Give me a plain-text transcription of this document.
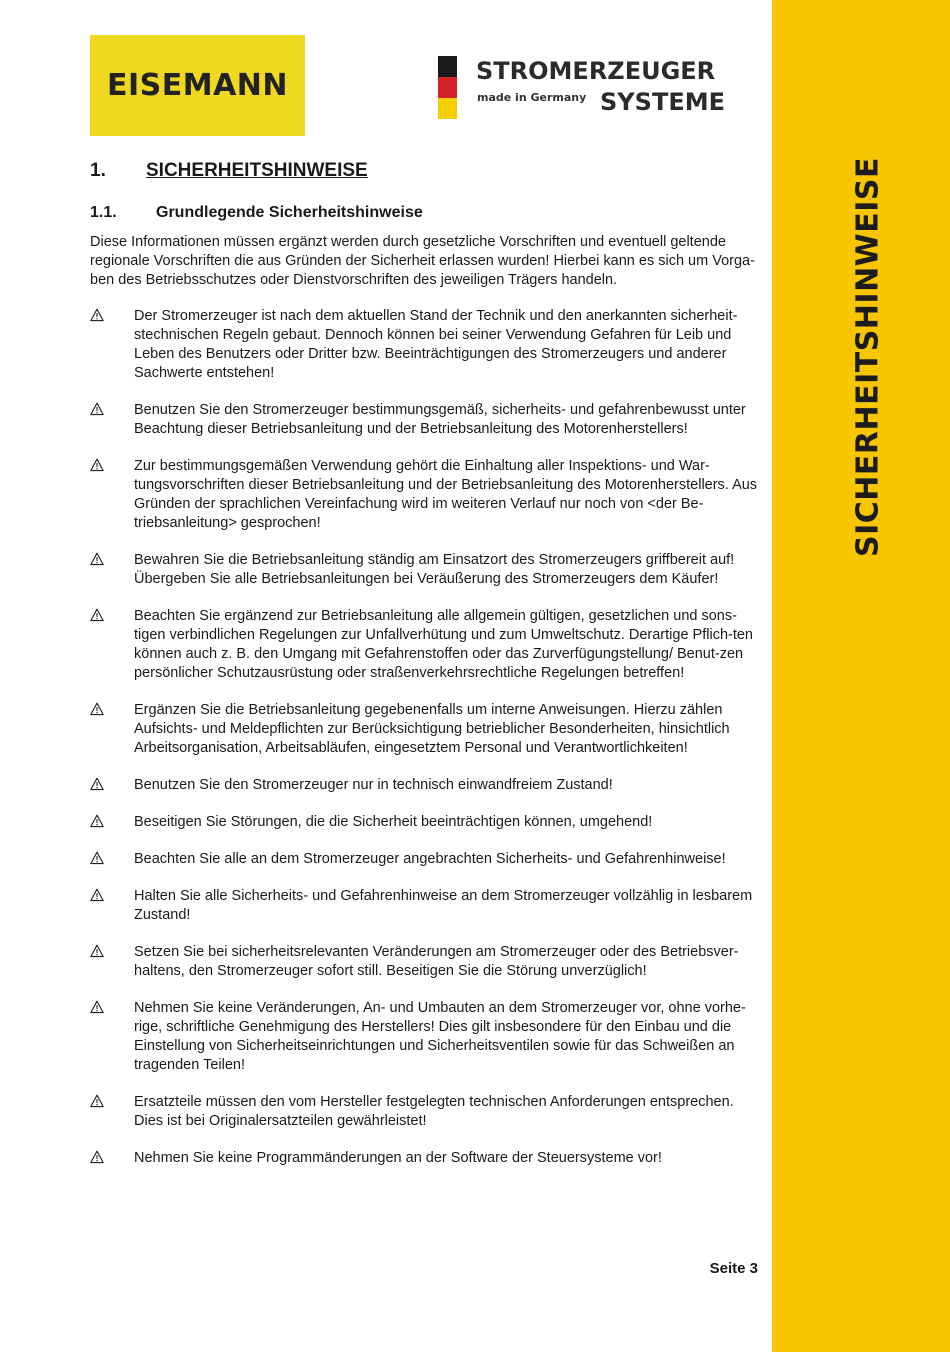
SICHERHEITSHINWEISE
EISEMANN	STROMERZEUGER
made in Germany SYSTEME
1. SICHERHEITSHINWEISE
1.1. Grundlegende Sicherheitshinweise
Diese Informationen müssen ergänzt werden durch gesetzliche Vorschriften und eventuell geltende regionale Vorschriften die aus Gründen der Sicherheit erlassen wurden! Hierbei kann es sich um Vorga-ben des Betriebsschutzes oder Dienstvorschriften des jeweiligen Trägers handeln.
Der Stromerzeuger ist nach dem aktuellen Stand der Technik und den anerkannten sicherheit-stechnischen Regeln gebaut. Dennoch können bei seiner Verwendung Gefahren für Leib und Leben des Benutzers oder Dritter bzw. Beeinträchtigungen des Stromerzeugers und anderer Sachwerte entstehen!
Benutzen Sie den Stromerzeuger bestimmungsgemäß, sicherheits- und gefahrenbewusst unter Beachtung dieser Betriebsanleitung und der Betriebsanleitung des Motorenherstellers!
Zur bestimmungsgemäßen Verwendung gehört die Einhaltung aller Inspektions- und War-tungsvorschriften dieser Betriebsanleitung und der Betriebsanleitung des Motorenherstellers. Aus Gründen der sprachlichen Vereinfachung wird im weiteren Verlauf nur noch von <der Be-triebsanleitung> gesprochen!
Bewahren Sie die Betriebsanleitung ständig am Einsatzort des Stromerzeugers griffbereit auf! Übergeben Sie alle Betriebsanleitungen bei Veräußerung des Stromerzeugers dem Käufer!
Beachten Sie ergänzend zur Betriebsanleitung alle allgemein gültigen, gesetzlichen und sons-tigen verbindlichen Regelungen zur Unfallverhütung und zum Umweltschutz. Derartige Pflich-ten können auch z. B. den Umgang mit Gefahrenstoffen oder das Zurverfügungstellung/ Benut-zen persönlicher Schutzausrüstung oder straßenverkehrsrechtliche Regelungen betreffen!
Ergänzen Sie die Betriebsanleitung gegebenenfalls um interne Anweisungen. Hierzu zählen Aufsichts- und Meldepflichten zur Berücksichtigung betrieblicher Besonderheiten, hinsichtlich Arbeitsorganisation, Arbeitsabläufen, eingesetztem Personal und Verantwortlichkeiten!
Benutzen Sie den Stromerzeuger nur in technisch einwandfreiem Zustand!
Beseitigen Sie Störungen, die die Sicherheit beeinträchtigen können, umgehend!
Beachten Sie alle an dem Stromerzeuger angebrachten Sicherheits- und Gefahrenhinweise!
Halten Sie alle Sicherheits- und Gefahrenhinweise an dem Stromerzeuger vollzählig in lesbarem Zustand!
Setzen Sie bei sicherheitsrelevanten Veränderungen am Stromerzeuger oder des Betriebsver-haltens, den Stromerzeuger sofort still. Beseitigen Sie die Störung unverzüglich!
Nehmen Sie keine Veränderungen, An- und Umbauten an dem Stromerzeuger vor, ohne vorhe-rige, schriftliche Genehmigung des Herstellers! Dies gilt insbesondere für den Einbau und die Einstellung von Sicherheitseinrichtungen und Sicherheitsventilen sowie für das Schweißen an tragenden Teilen!
Ersatzteile müssen den vom Hersteller festgelegten technischen Anforderungen entsprechen. Dies ist bei Originalersatzteilen gewährleistet!
Nehmen Sie keine Programmänderungen an der Software der Steuersysteme vor!
Seite 3
